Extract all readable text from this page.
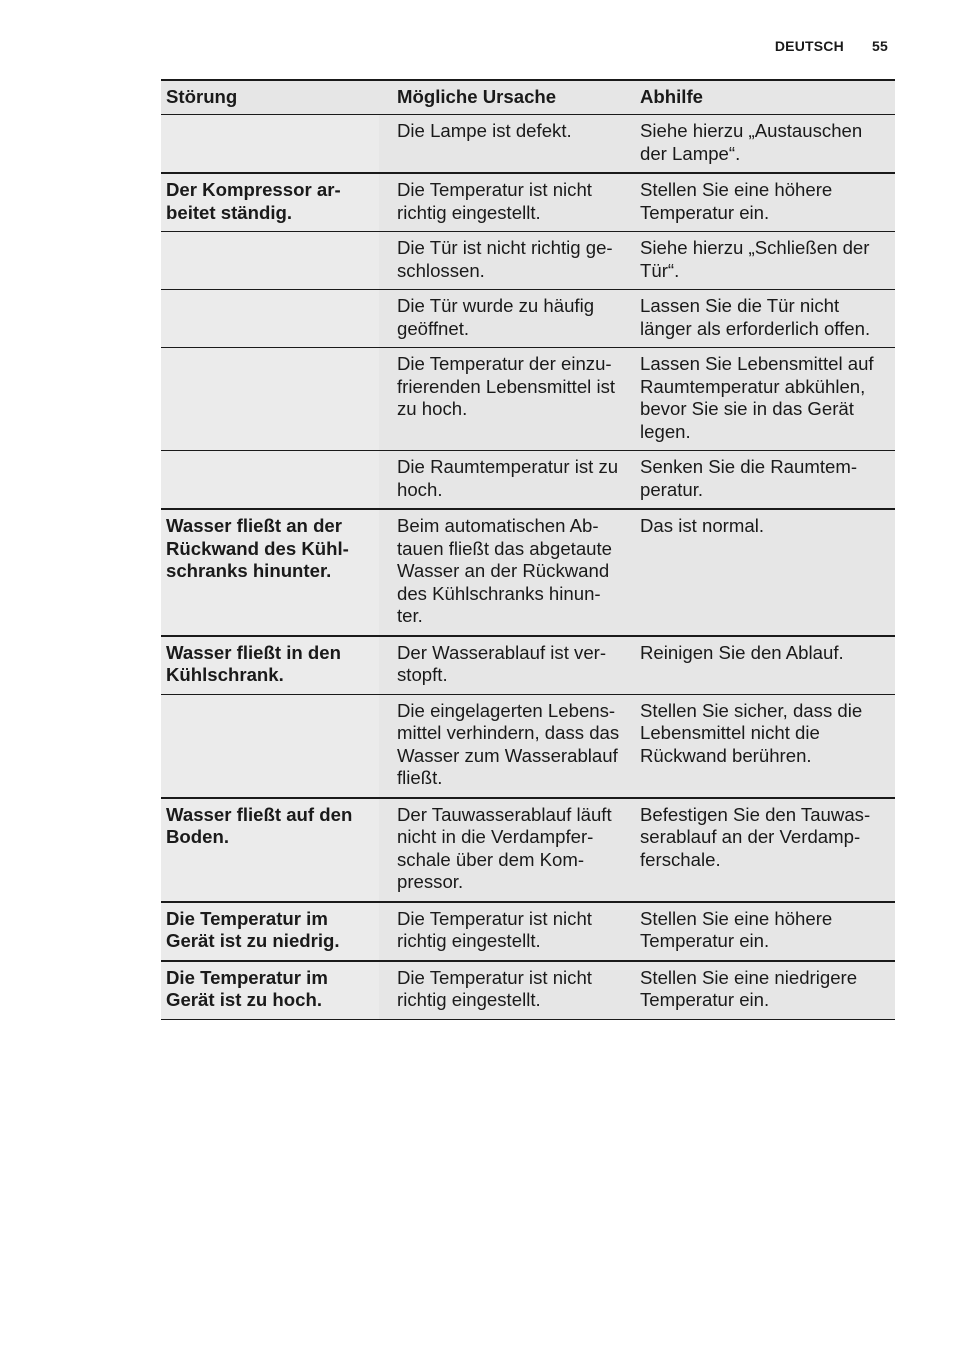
DEUTSCH 55
Störung	Mögliche Ursache	Abhilfe
	Die Lampe ist defekt.	Siehe hierzu „Austauschen der Lampe“.
Der Kompressor ar-beitet ständig.	Die Temperatur ist nicht richtig eingestellt.	Stellen Sie eine höhere Temperatur ein.
	Die Tür ist nicht richtig ge-schlossen.	Siehe hierzu „Schließen der Tür“.
	Die Tür wurde zu häufig geöffnet.	Lassen Sie die Tür nicht länger als erforderlich offen.
	Die Temperatur der einzu-frierenden Lebensmittel ist zu hoch.	Lassen Sie Lebensmittel auf Raumtemperatur abkühlen, bevor Sie sie in das Gerät legen.
	Die Raumtemperatur ist zu hoch.	Senken Sie die Raumtem-peratur.
Wasser fließt an der Rückwand des Kühl-schranks hinunter.	Beim automatischen Ab-tauen fließt das abgetaute Wasser an der Rückwand des Kühlschranks hinun-ter.	Das ist normal.
Wasser fließt in den Kühlschrank.	Der Wasserablauf ist ver-stopft.	Reinigen Sie den Ablauf.
	Die eingelagerten Lebens-mittel verhindern, dass das Wasser zum Wasserablauf fließt.	Stellen Sie sicher, dass die Lebensmittel nicht die Rückwand berühren.
Wasser fließt auf den Boden.	Der Tauwasserablauf läuft nicht in die Verdampfer-schale über dem Kom-pressor.	Befestigen Sie den Tauwas-serablauf an der Verdamp-ferschale.
Die Temperatur im Gerät ist zu niedrig.	Die Temperatur ist nicht richtig eingestellt.	Stellen Sie eine höhere Temperatur ein.
Die Temperatur im Gerät ist zu hoch.	Die Temperatur ist nicht richtig eingestellt.	Stellen Sie eine niedrigere Temperatur ein.
